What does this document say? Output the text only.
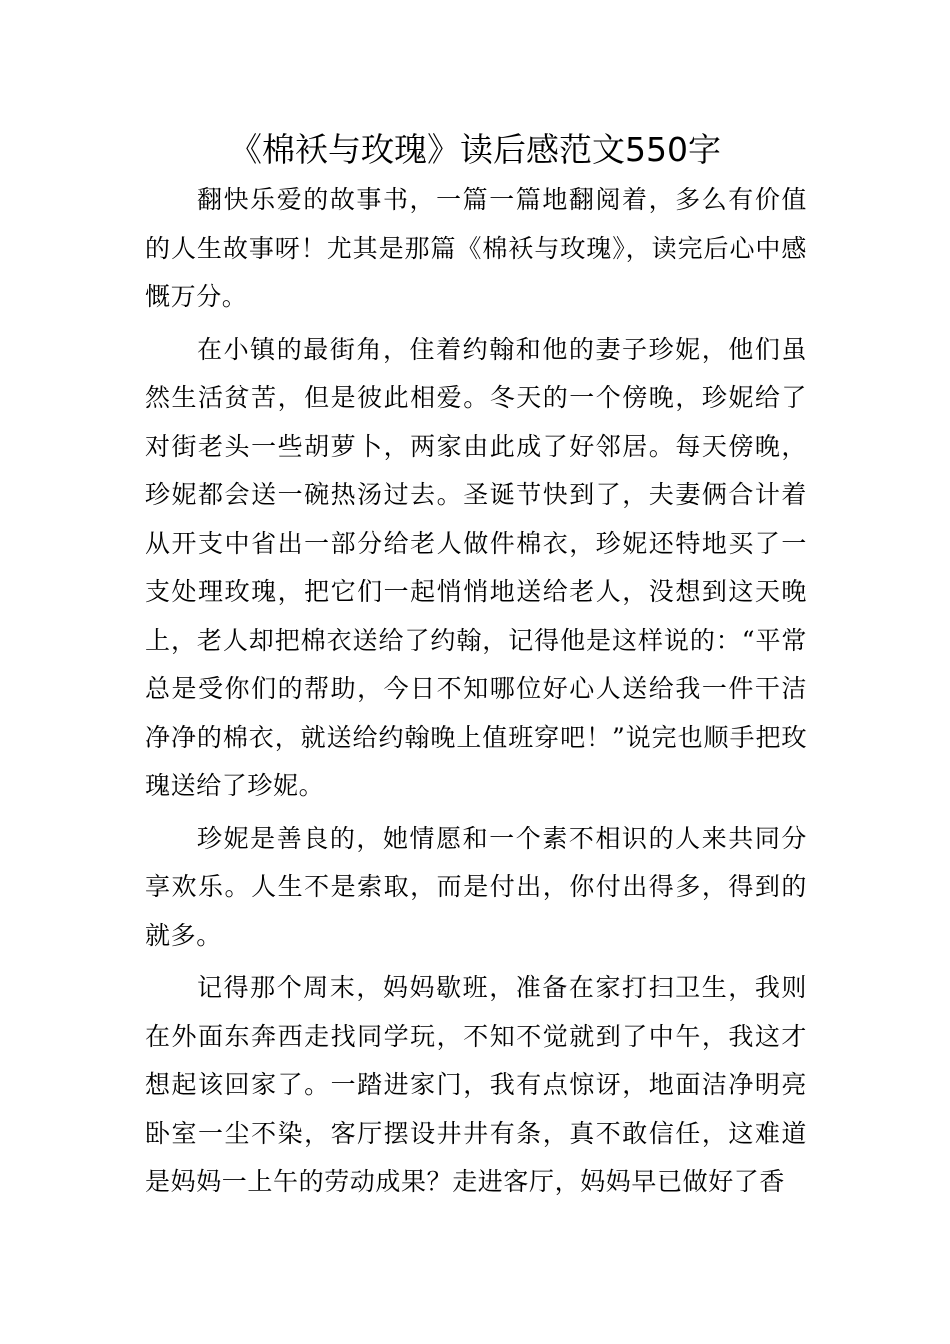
《棉袄与玫瑰》读后感范文550字

翻快乐爱的故事书，一篇一篇地翻阅着，多么有价值的人生故事呀！尤其是那篇《棉袄与玫瑰》，读完后心中感慨万分。

在小镇的最街角，住着约翰和他的妻子珍妮，他们虽然生活贫苦，但是彼此相爱。冬天的一个傍晚，珍妮给了对街老头一些胡萝卜，两家由此成了好邻居。每天傍晚，珍妮都会送一碗热汤过去。圣诞节快到了，夫妻俩合计着从开支中省出一部分给老人做件棉衣，珍妮还特地买了一支处理玫瑰，把它们一起悄悄地送给老人，没想到这天晚上，老人却把棉衣送给了约翰，记得他是这样说的：“平常总是受你们的帮助，今日不知哪位好心人送给我一件干洁净净的棉衣，就送给约翰晚上值班穿吧！”说完也顺手把玫瑰送给了珍妮。

珍妮是善良的，她情愿和一个素不相识的人来共同分享欢乐。人生不是索取，而是付出，你付出得多，得到的就多。

记得那个周末，妈妈歇班，准备在家打扫卫生，我则在外面东奔西走找同学玩，不知不觉就到了中午，我这才想起该回家了。一踏进家门，我有点惊讶，地面洁净明亮卧室一尘不染，客厅摆设井井有条，真不敢信任，这难道是妈妈一上午的劳动成果？走进客厅，妈妈早已做好了香
